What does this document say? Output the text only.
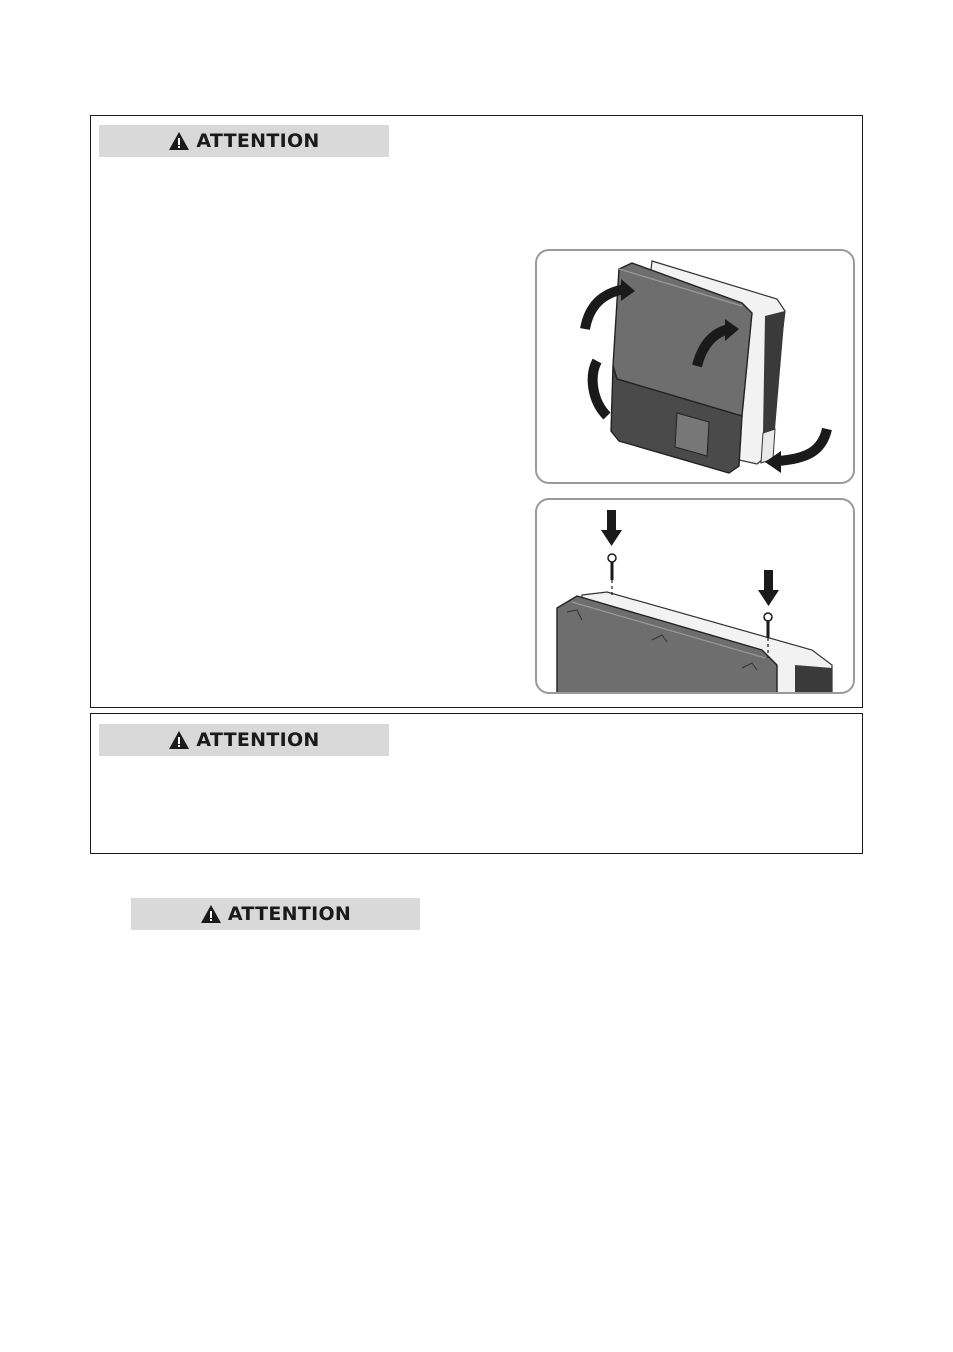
ATTENTION
ATTENTION
ATTENTION
